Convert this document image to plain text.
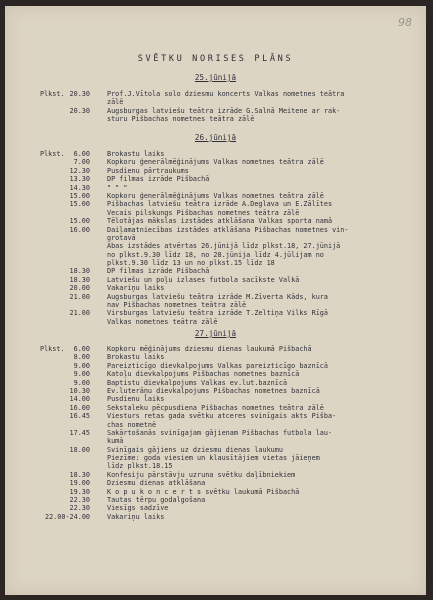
98
SVĒTKU NORISES PLĀNS
25.jūnijā
Plkst. 20.30	Prof.J.Vītola solo dziesmu koncerts Valkas nometnes teātra
zālē
20.30	Augsburgas latviešu teātra izrāde G.Salnā Meitene ar rak-
sturu Pišbachas nometnes teātra zālē
26.jūnijā
Plkst. 6.00	Brokastu laiks
7.00	Kopkoru ģenerālmēģinājums Valkas nometnes teātra zālē
12.30	Pusdienu pārtraukums
13.30	DP filmas izrāde Pišbachā
14.30	" " "
15.00	Kopkoru ģenerālmēģinājums Valkas nometnes teātra zālē
15.00	Pišbachas latviešu teātra izrāde A.Deglava un E.Zālītes
Vecais pilskungs Pišbachas nometnes teātra zālē
15.00	Tēlotājas mākslas izstādes atklāšana Valkas sporta namā
16.00	Daiļamatniecības izstādes atklāšana Pišbachas nometnes vin-
grotavā
Abas izstādes atvērtas 26.jūnijā līdz plkst.18, 27.jūnijā
no plkst.9.30 līdz 18, no 28.jūnija līdz 4.jūlijam no
plkst.9.30 līdz 13 un no plkst.15 līdz 18
18.30	DP filmas izrāde Pišbachā
18.30	Latviešu un poļu izlases futbola sacīkste Valkā
20.00	Vakariņu laiks
21.00	Augsburgas latviešu teātra izrāde M.Zīverta Kāds, kura
nav Pišbachas nometnes teātra zālē
21.00	Virsburgas latviešu teātra izrāde T.Zeltiņa Vilks Rīgā
Valkas nometnes teātra zālē
27.jūnijā
Plkst. 6.00	Kopkoru mēģinājums dziesmu dienas laukumā Pišbachā
8.00	Brokastu laiks
9.00	Pareizticīgo dievkalpojums Valkas pareizticīgo baznīcā
9.00	Katoļu dievkalpojums Pišbachas nometnes baznīcā
9.00	Baptistu dievkalpojums Valkas ev.lut.baznīcā
10.30	Ev.luterāņu dievkalpojums Pišbachas nometnes baznīcā
14.00	Pusdienu laiks
16.00	Sekstaleku pēcpusdiena Pišbachas nometnes teātra zālē
16.45	Viesturs retas gada svētku atceres svinīgais akts Pišba-
chas nometnē
17.45	Sakārtošanās svinīgajam gājienam Pišbachas futbola lau-
kumā
18.00	Svinīgais gājiens uz dziesmu dienas laukumu
Piezīme: goda viesiem un klausītājiem vietas jāieņem
līdz plkst.18.15
18.30	Konfesiju pārstāvju uzruna svētku daļībniekiem
19.00	Dziesmu dienas atklāšana
19.30	K o p u k o n c e r t s svētku laukumā Pišbachā
22.30	Tautas tērpu godalgošana
22.30	Viesīgs sadzīve
22.00-24.00	Vakariņu laiks
